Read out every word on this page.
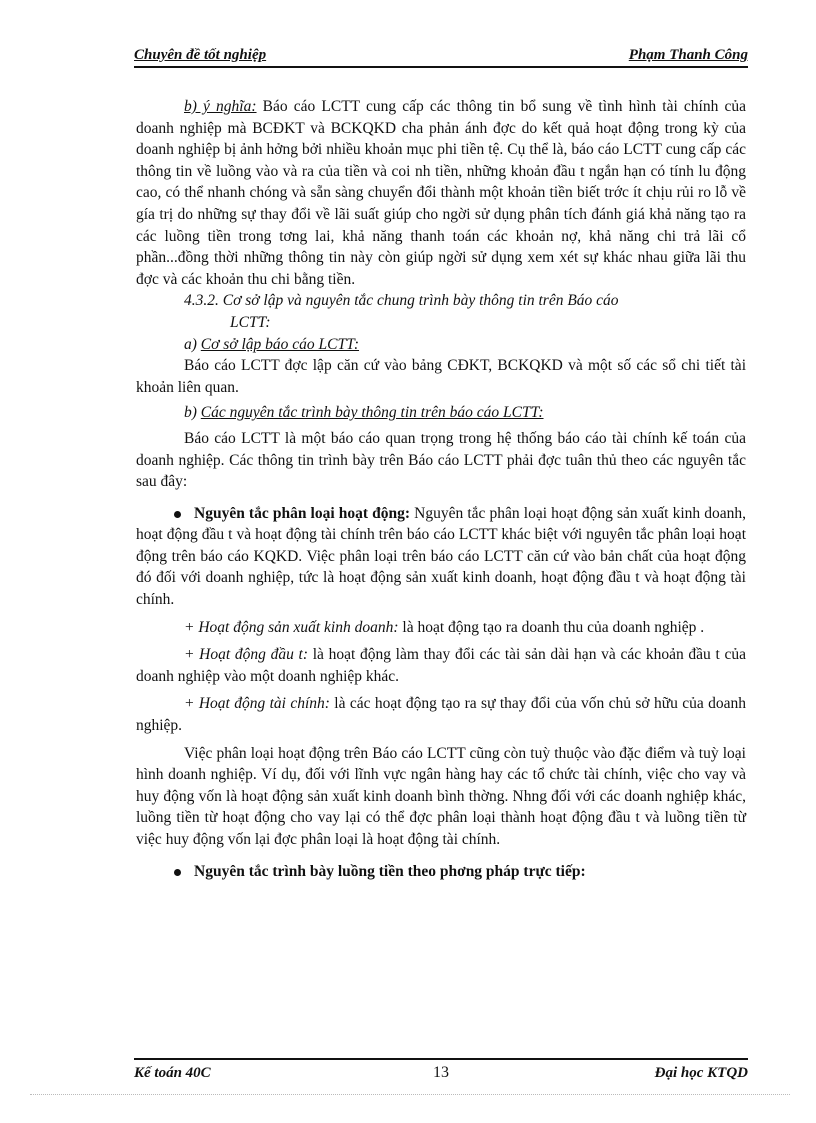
Chuyên đề tốt nghiệp	Phạm Thanh Công

b) ý nghĩa: Báo cáo LCTT cung cấp các thông tin bổ sung về tình hình tài chính của doanh nghiệp mà BCĐKT và BCKQKD cha phản ánh đợc do kết quả hoạt động trong kỳ của doanh nghiệp bị ảnh hởng bởi nhiều khoản mục phi tiền tệ. Cụ thể là, báo cáo LCTT cung cấp các thông tin về luồng vào và ra của tiền và coi nh tiền, những khoản đầu t ngắn hạn có tính lu động cao, có thể nhanh chóng và sẵn sàng chuyển đổi thành một khoản tiền biết trớc ít chịu rủi ro lỗ về gía trị do những sự thay đổi về lãi suất giúp cho ngời sử dụng phân tích đánh giá khả năng tạo ra các luồng tiền trong tơng lai, khả năng thanh toán các khoản nợ, khả năng chi trả lãi cổ phần...đồng thời những thông tin này còn giúp ngời sử dụng xem xét sự khác nhau giữa lãi thu đợc và các khoản thu chi bằng tiền.

4.3.2. Cơ sở lập và nguyên tắc chung trình bày thông tin trên Báo cáo
LCTT:

a) Cơ sở lập báo cáo LCTT:

Báo cáo LCTT đợc lập căn cứ vào bảng CĐKT, BCKQKD và một số các sổ chi tiết tài khoản liên quan.

b) Các nguyên tắc trình bày thông tin trên báo cáo LCTT:

Báo cáo LCTT là một báo cáo quan trọng trong hệ thống báo cáo tài chính kế toán của doanh nghiệp. Các thông tin trình bày trên Báo cáo LCTT phải đợc tuân thủ theo các nguyên tắc sau đây:

Nguyên tắc phân loại hoạt động: Nguyên tắc phân loại hoạt động sản xuất kinh doanh, hoạt động đầu t và hoạt động tài chính trên báo cáo LCTT khác biệt với nguyên tắc phân loại hoạt động trên báo cáo KQKD. Việc phân loại trên báo cáo LCTT căn cứ vào bản chất của hoạt động đó đối với doanh nghiệp, tức là hoạt động sản xuất kinh doanh, hoạt động đầu t và hoạt động tài chính.

+ Hoạt động sản xuất kinh doanh: là hoạt động tạo ra doanh thu của doanh nghiệp .

+ Hoạt động đầu t: là hoạt động làm thay đổi các tài sản dài hạn và các khoản đầu t của doanh nghiệp vào một doanh nghiệp khác.

+ Hoạt động tài chính: là các hoạt động tạo ra sự thay đổi của vốn chủ sở hữu của doanh nghiệp.

Việc phân loại hoạt động trên Báo cáo LCTT cũng còn tuỳ thuộc vào đặc điểm và tuỳ loại hình doanh nghiệp. Ví dụ, đối với lĩnh vực ngân hàng hay các tổ chức tài chính, việc cho vay và huy động vốn là hoạt động sản xuất kinh doanh bình thờng. Nhng đối với các doanh nghiệp khác, luồng tiền từ hoạt động cho vay lại có thể đợc phân loại thành hoạt động đầu t và luồng tiền từ việc huy động vốn lại đợc phân loại là hoạt động tài chính.

Nguyên tắc trình bày luồng tiền theo phơng pháp trực tiếp:

Kế toán 40C	13	Đại học KTQD
